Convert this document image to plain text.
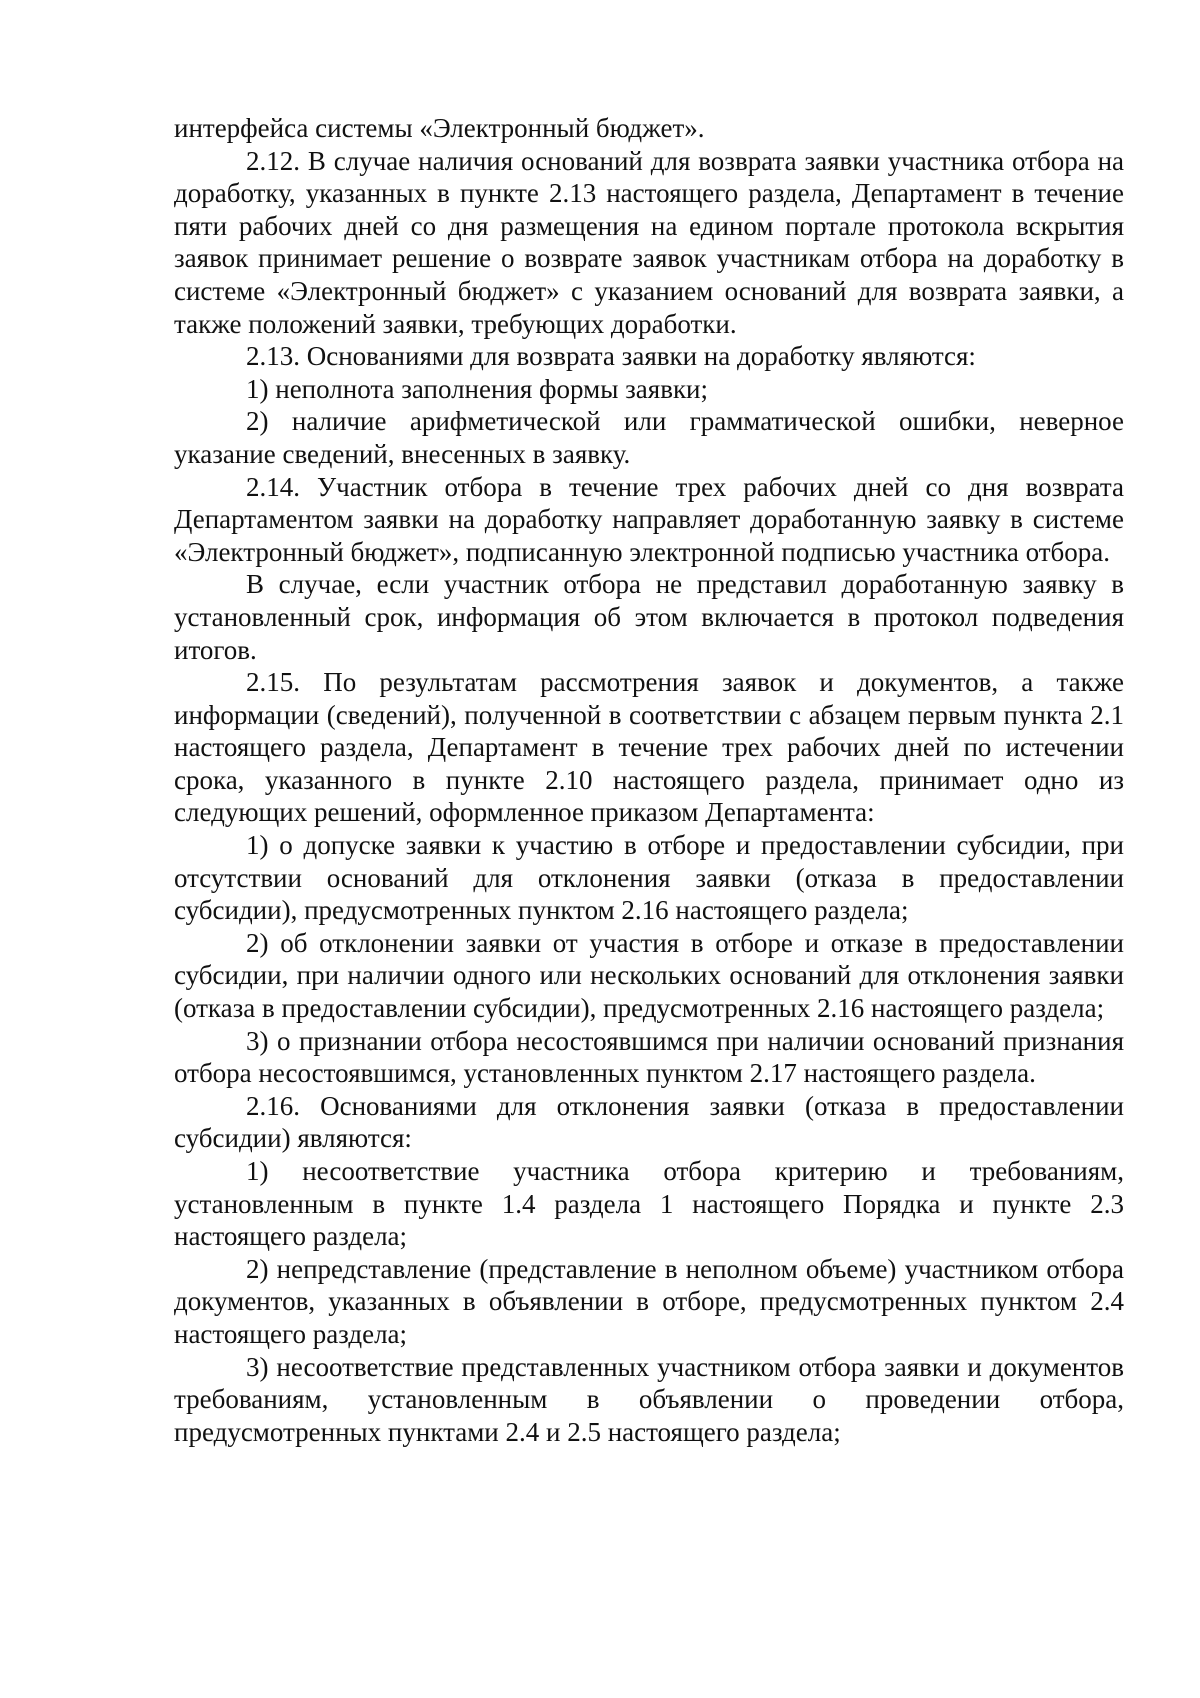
интерфейса системы «Электронный бюджет».

2.12. В случае наличия оснований для возврата заявки участника отбора на доработку, указанных в пункте 2.13 настоящего раздела, Департамент в течение пяти рабочих дней со дня размещения на едином портале протокола вскрытия заявок принимает решение о возврате заявок участникам отбора на доработку в системе «Электронный бюджет» с указанием оснований для возврата заявки, а также положений заявки, требующих доработки.

2.13. Основаниями для возврата заявки на доработку являются:

1) неполнота заполнения формы заявки;

2) наличие арифметической или грамматической ошибки, неверное указание сведений, внесенных в заявку.

2.14. Участник отбора в течение трех рабочих дней со дня возврата Департаментом заявки на доработку направляет доработанную заявку в системе «Электронный бюджет», подписанную электронной подписью участника отбора.

В случае, если участник отбора не представил доработанную заявку в установленный срок, информация об этом включается в протокол подведения итогов.

2.15. По результатам рассмотрения заявок и документов, а также информации (сведений), полученной в соответствии с абзацем первым пункта 2.1 настоящего раздела, Департамент в течение трех рабочих дней по истечении срока, указанного в пункте 2.10 настоящего раздела, принимает одно из следующих решений, оформленное приказом Департамента:

1) о допуске заявки к участию в отборе и предоставлении субсидии, при отсутствии оснований для отклонения заявки (отказа в предоставлении субсидии), предусмотренных пунктом 2.16 настоящего раздела;

2) об отклонении заявки от участия в отборе и отказе в предоставлении субсидии, при наличии одного или нескольких оснований для отклонения заявки (отказа в предоставлении субсидии), предусмотренных 2.16 настоящего раздела;

3) о признании отбора несостоявшимся при наличии оснований признания отбора несостоявшимся, установленных пунктом 2.17 настоящего раздела.

2.16. Основаниями для отклонения заявки (отказа в предоставлении субсидии) являются:

1) несоответствие участника отбора критерию и требованиям, установленным в пункте 1.4 раздела 1 настоящего Порядка и пункте 2.3 настоящего раздела;

2) непредставление (представление в неполном объеме) участником отбора документов, указанных в объявлении в отборе, предусмотренных пунктом 2.4 настоящего раздела;

3) несоответствие представленных участником отбора заявки и документов требованиям, установленным в объявлении о проведении отбора, предусмотренных пунктами 2.4 и 2.5 настоящего раздела;
